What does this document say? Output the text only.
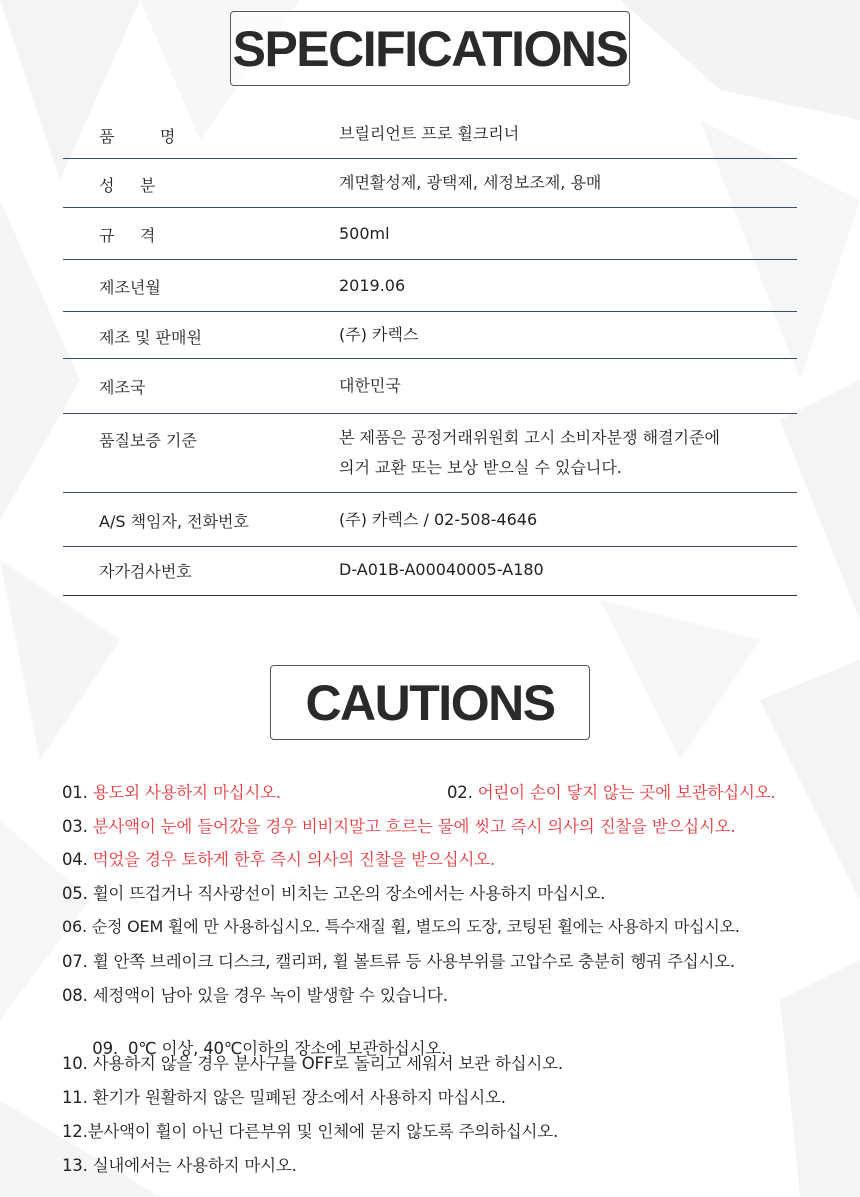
SPECIFICATIONS
품     명	브릴리언트 프로 휠크리너
성     분	계면활성제, 광택제, 세정보조제, 용매
규     격	500ml
제조년월	2019.06
제조 및 판매원	(주) 카렉스
제조국	대한민국
품질보증 기준	본 제품은 공정거래위원회 고시 소비자분쟁 해결기준에
의거 교환 또는 보상 받으실 수 있습니다.
A/S 책임자, 전화번호	(주) 카렉스 / 02-508-4646
자가검사번호	D-A01B-A00040005-A180
CAUTIONS
01. 용도외 사용하지 마십시오.	02. 어린이 손이 닿지 않는 곳에 보관하십시오.
03. 분사액이 눈에 들어갔을 경우 비비지말고 흐르는 물에 씻고 즉시 의사의 진찰을 받으십시오.
04. 먹었을 경우 토하게 한후 즉시 의사의 진찰을 받으십시오.
05. 휠이 뜨겁거나 직사광선이 비치는 고온의 장소에서는 사용하지 마십시오.
06. 순정 OEM 휠에 만 사용하십시오. 특수재질 휠, 별도의 도장, 코팅된 휠에는 사용하지 마십시오.
07. 휠 안쪽 브레이크 디스크, 캘리퍼, 휠 볼트류 등 사용부위를 고압수로 충분히 헹궈 주십시오.
08. 세정액이 남아 있을 경우 녹이 발생할 수 있습니다.

09.  0℃ 이상, 40℃이하의 장소에 보관하십시오.

10. 사용하지 않을 경우 분사구를 OFF로 돌리고 세워서 보관 하십시오.
11. 환기가 원활하지 않은 밀폐된 장소에서 사용하지 마십시오.
12.분사액이 휠이 아닌 다른부위 및 인체에 묻지 않도록 주의하십시오.
13. 실내에서는 사용하지 마시오.
